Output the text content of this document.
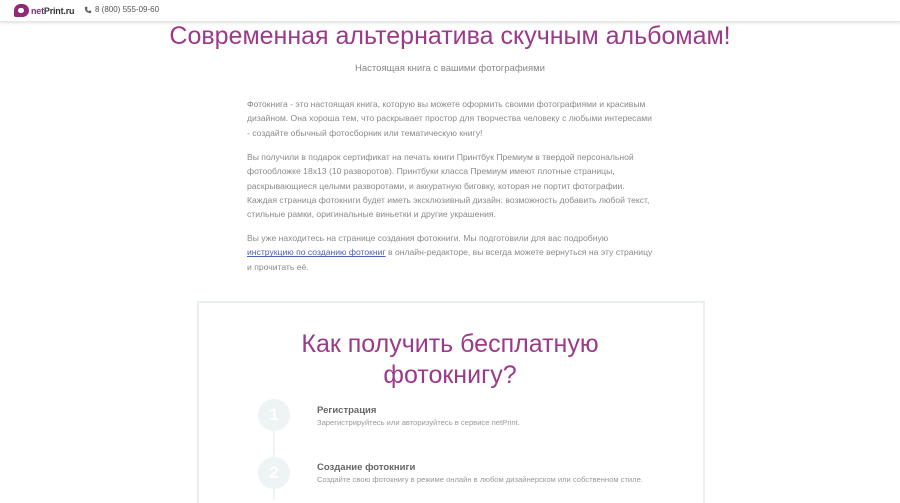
netPrint.ru	8 (800) 555-09-60
Современная альтернатива скучным альбомам!
Настоящая книга с вашими фотографиями

Фотокнига - это настоящая книга, которую вы можете оформить своими фотографиями и красивым дизайном. Она хороша тем, что раскрывает простор для творчества человеку с любыми интересами - создайте обычный фотосборник или тематическую книгу!

Вы получили в подарок сертификат на печать книги Принтбук Премиум в твердой персональной фотообложке 18х13 (10 разворотов). Принтбуки класса Премиум имеют плотные страницы, раскрывающиеся целыми разворотами, и аккуратную биговку, которая не портит фотографии. Каждая страница фотокниги будет иметь эксклюзивный дизайн: возможность добавить любой текст, стильные рамки, оригинальные виньетки и другие украшения.

Вы уже находитесь на странице создания фотокниги. Мы подготовили для вас подробную инструкцию по созданию фотокниг в онлайн-редакторе, вы всегда можете вернуться на эту страницу и прочитать её.

Как получить бесплатную
фотокнигу?
1	Регистрация
Зарегистрируйтесь или авторизуйтесь в сервисе netPrint.
2	Создание фотокниги
Создайте свою фотокнигу в режиме онлайн в любом дизайнерском или собственном стиле.
